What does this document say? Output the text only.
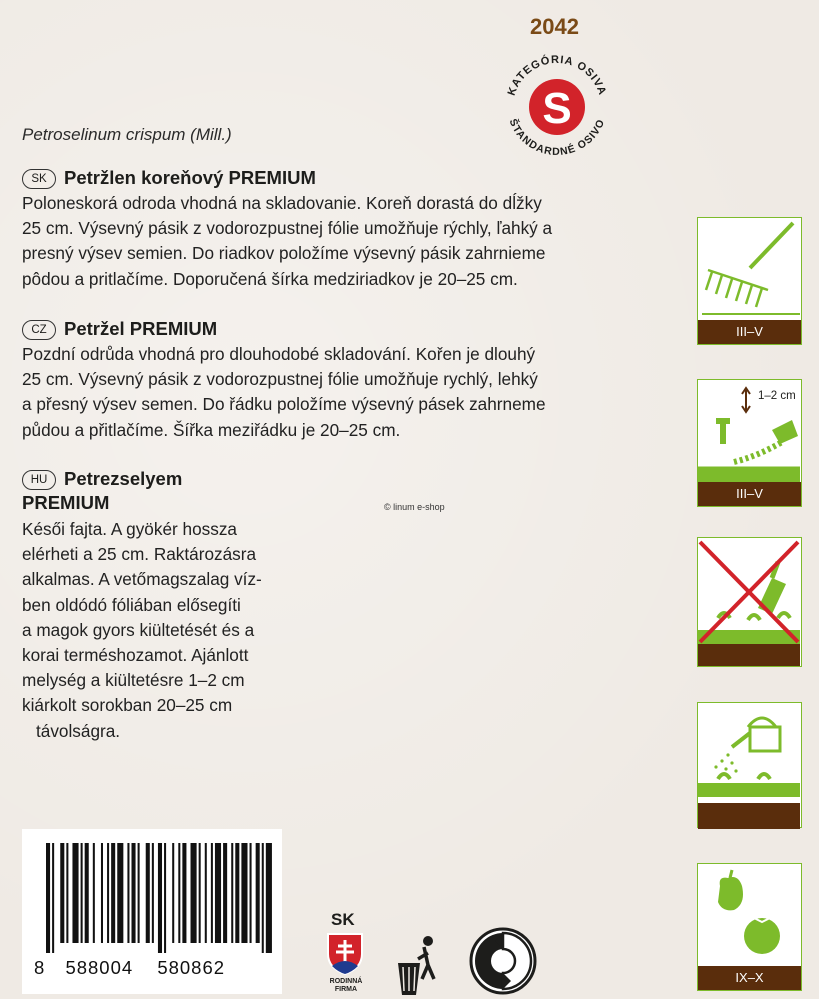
2042
KATEGÓRIA OSIVA
S
ŠTANDARDNÉ OSIVO
Petroselinum crispum (Mill.)
SK Petržlen koreňový PREMIUM
Poloneskorá odroda vhodná na skladovanie. Koreň dorastá do dĺžky
25 cm. Výsevný pásik z vodorozpustnej fólie umožňuje rýchly, ľahký a
presný výsev semien. Do riadkov položíme výsevný pásik zahrnieme
pôdou a pritlačíme. Doporučená šírka medziriadkov je 20–25 cm.
CZ Petržel PREMIUM
Pozdní odrůda vhodná pro dlouhodobé skladování. Kořen je dlouhý
25 cm. Výsevný pásik z vodorozpustnej fólie umožňuje rychlý, lehký
a přesný výsev semen. Do řádku položíme výsevný pásek zahrneme
půdou a přitlačíme. Šířka meziřádku je 20–25 cm.
HU Petrezselyem
PREMIUM
Késői fajta. A gyökér hossza
elérheti a 25 cm. Raktározásra
alkalmas. A vetőmagszalag víz-
ben oldódó fóliában elősegíti
a magok gyors kiültetését és a
korai terméshozamot. Ajánlott
melység a kiültetésre 1–2 cm
kiárkolt sorokban 20–25 cm
távolságra.
© linum e-shop
8 588004 580862
III–V
1–2 cm
III–V
IX–X
SK
RODINNÁ
FIRMA
